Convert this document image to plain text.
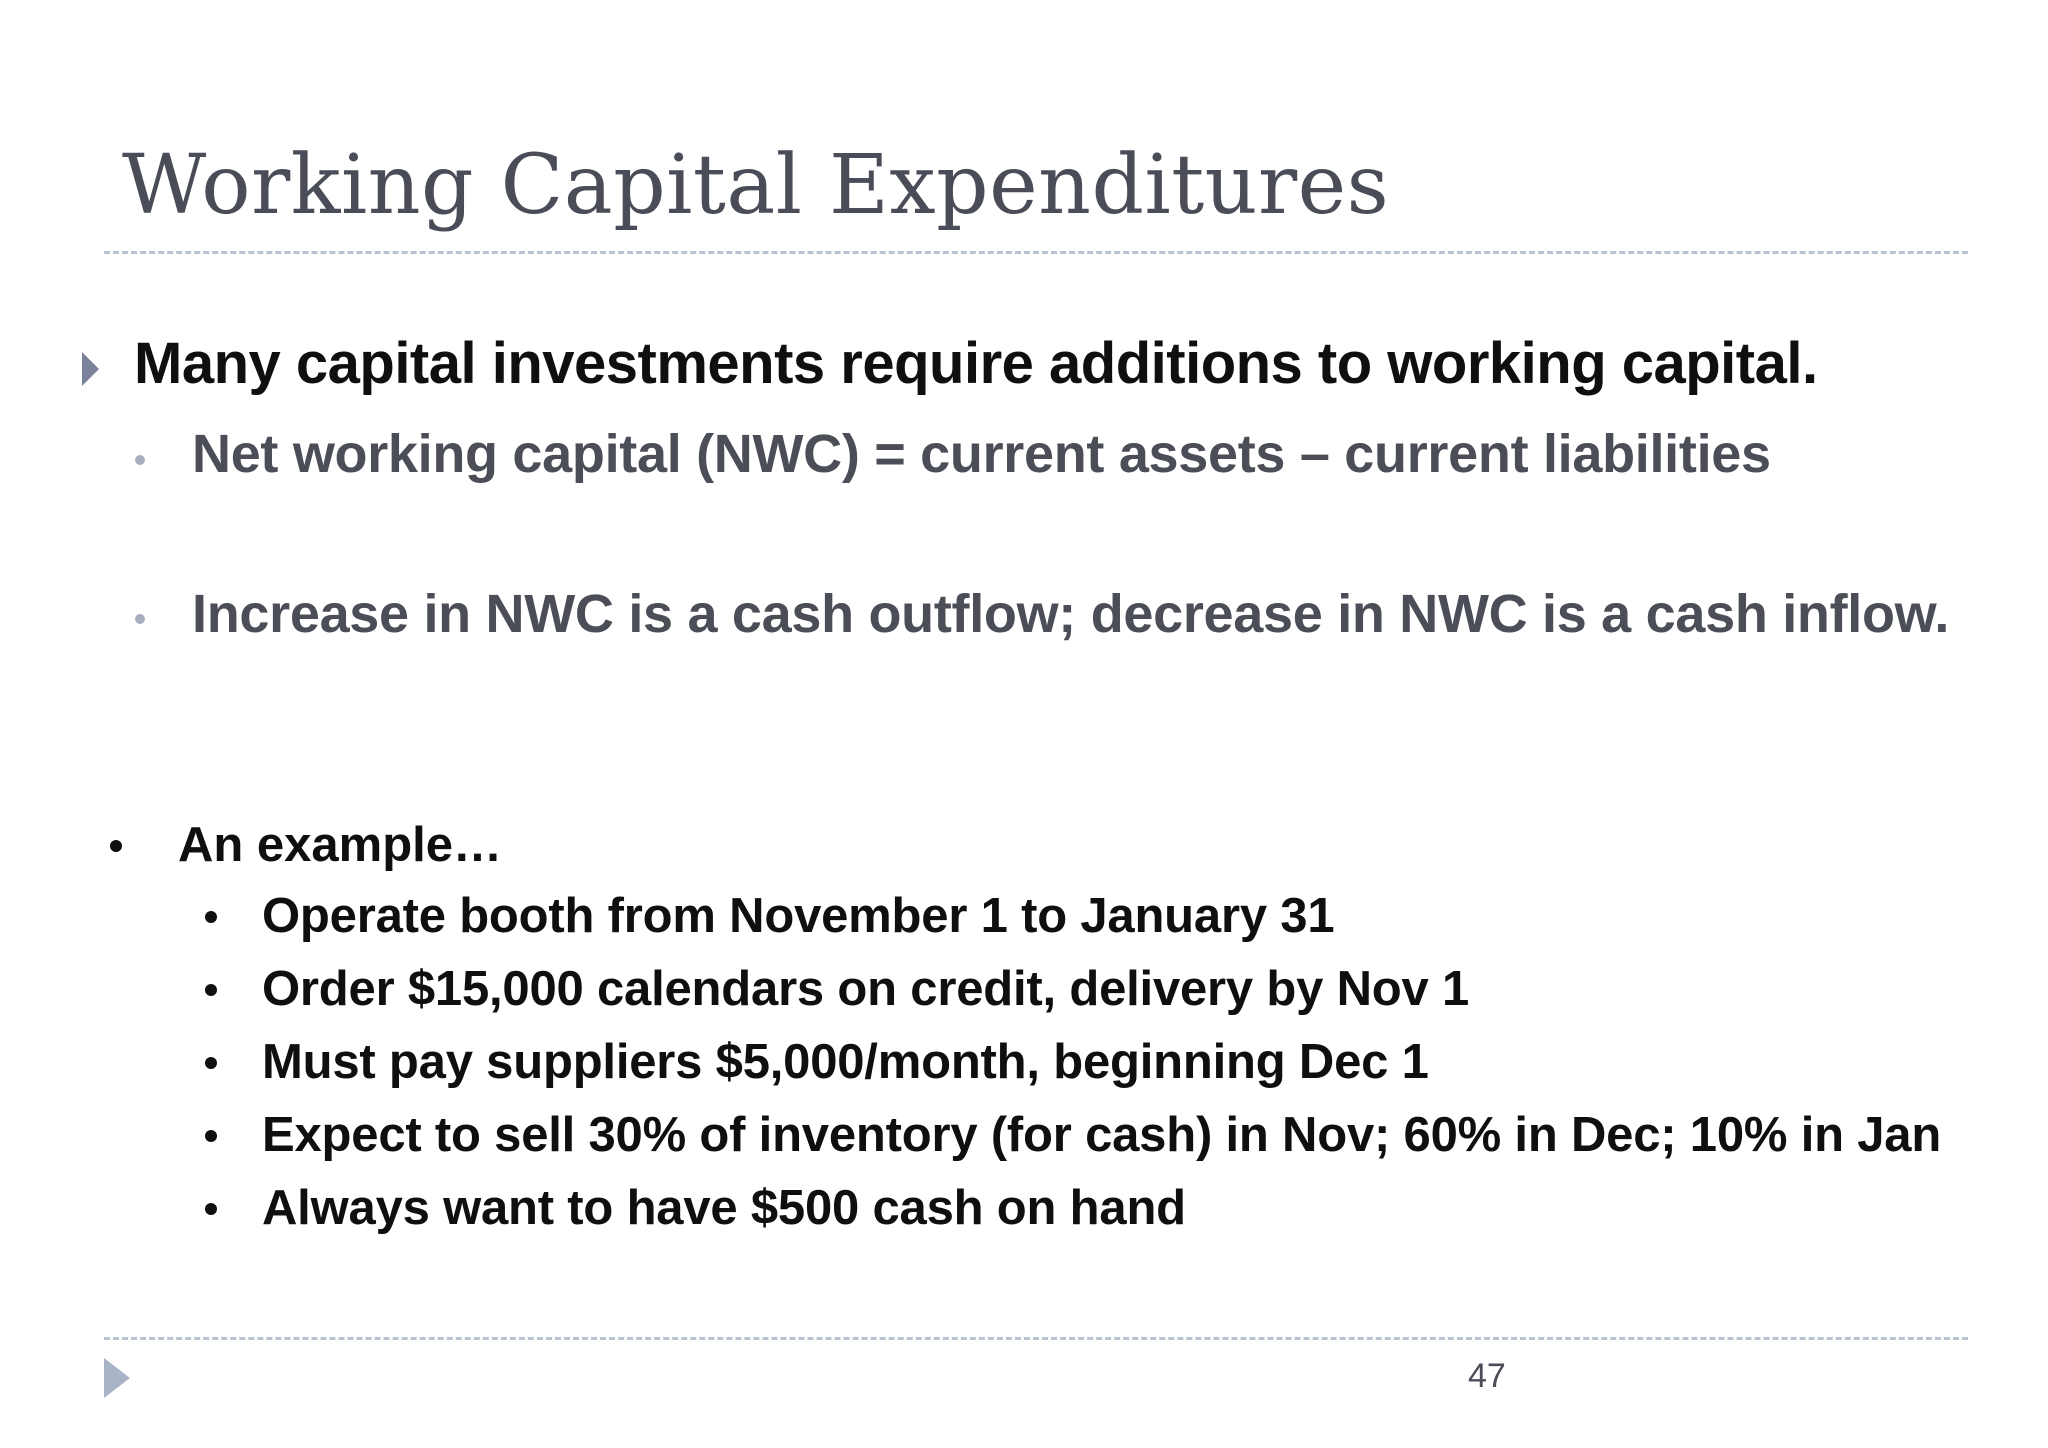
Working Capital Expenditures
Many capital investments require additions to working capital.
Net working capital (NWC) = current assets – current liabilities
Increase in NWC is a cash outflow; decrease in NWC is a cash inflow.
An example…
Operate booth from November 1 to January 31
Order $15,000 calendars on credit, delivery by Nov 1
Must pay suppliers $5,000/month, beginning Dec 1
Expect to sell 30% of inventory (for cash) in Nov; 60% in Dec; 10% in Jan
Always want to have $500 cash on hand
47
